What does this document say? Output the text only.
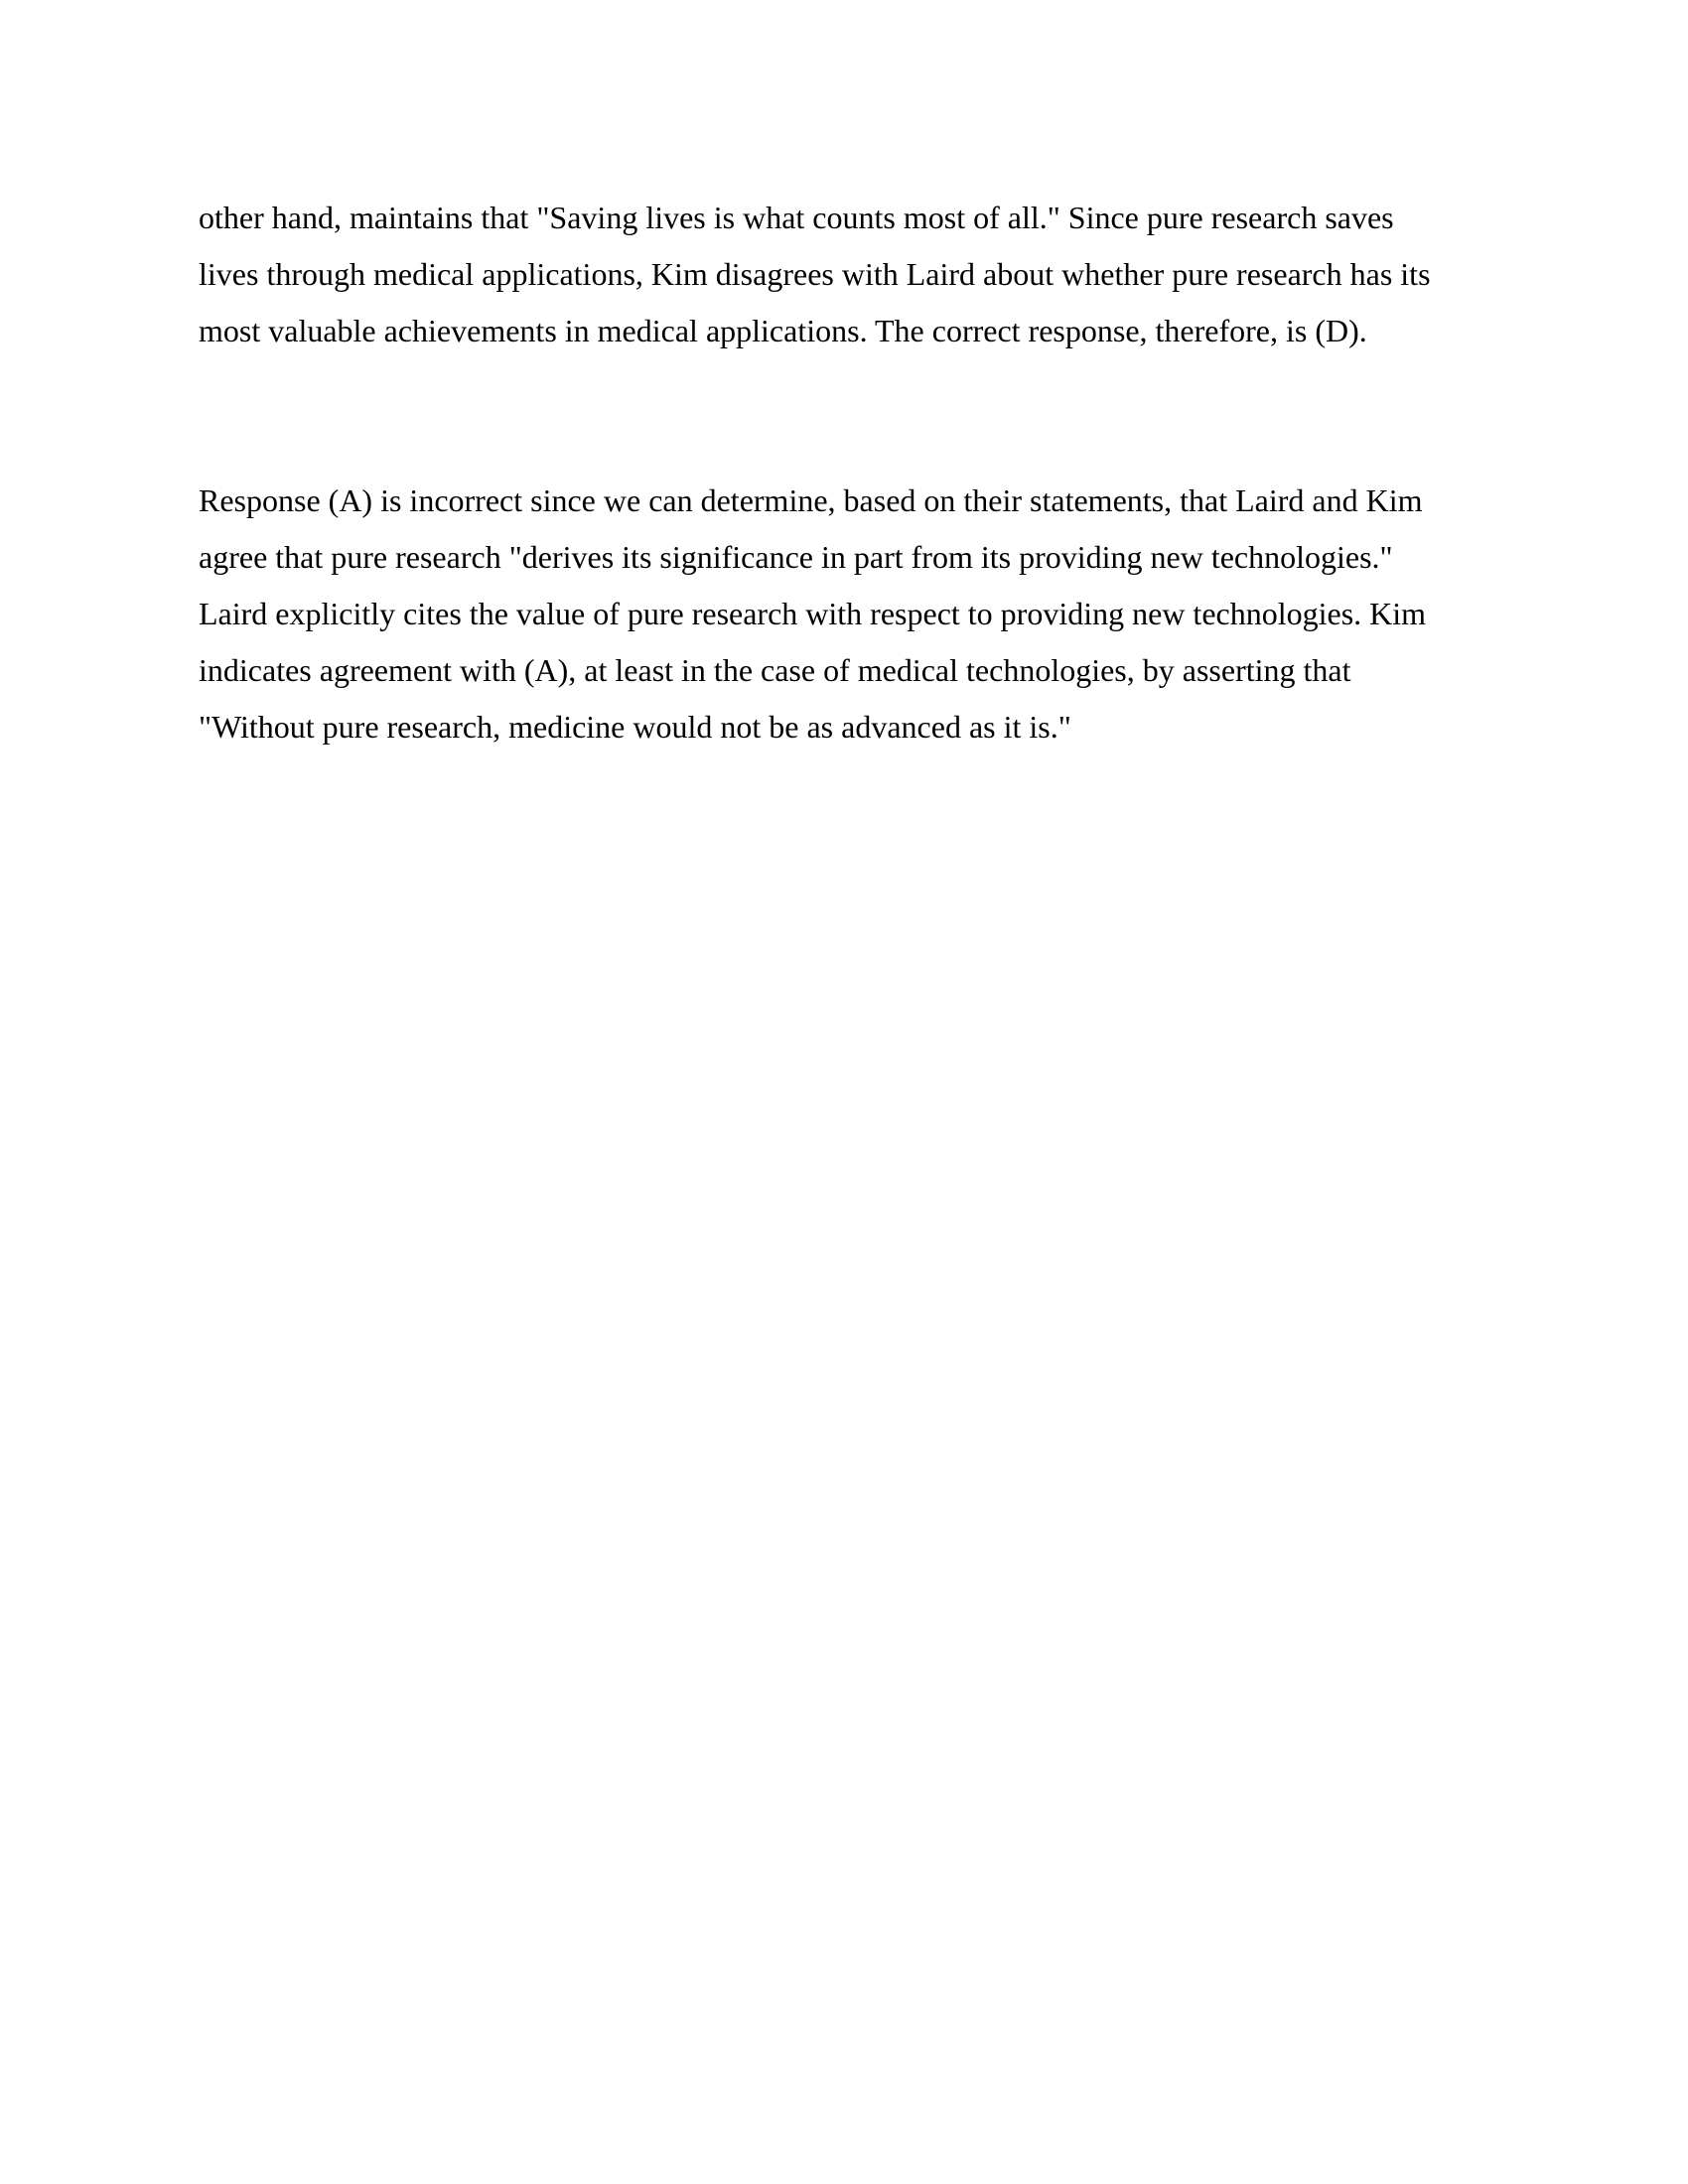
other hand, maintains that "Saving lives is what counts most of all." Since pure research saves

lives through medical applications, Kim disagrees with Laird about whether pure research has its

most valuable achievements in medical applications. The correct response, therefore, is (D).

Response (A) is incorrect since we can determine, based on their statements, that Laird and Kim

agree that pure research "derives its significance in part from its providing new technologies."

Laird explicitly cites the value of pure research with respect to providing new technologies. Kim

indicates agreement with (A), at least in the case of medical technologies, by asserting that

"Without pure research, medicine would not be as advanced as it is."
